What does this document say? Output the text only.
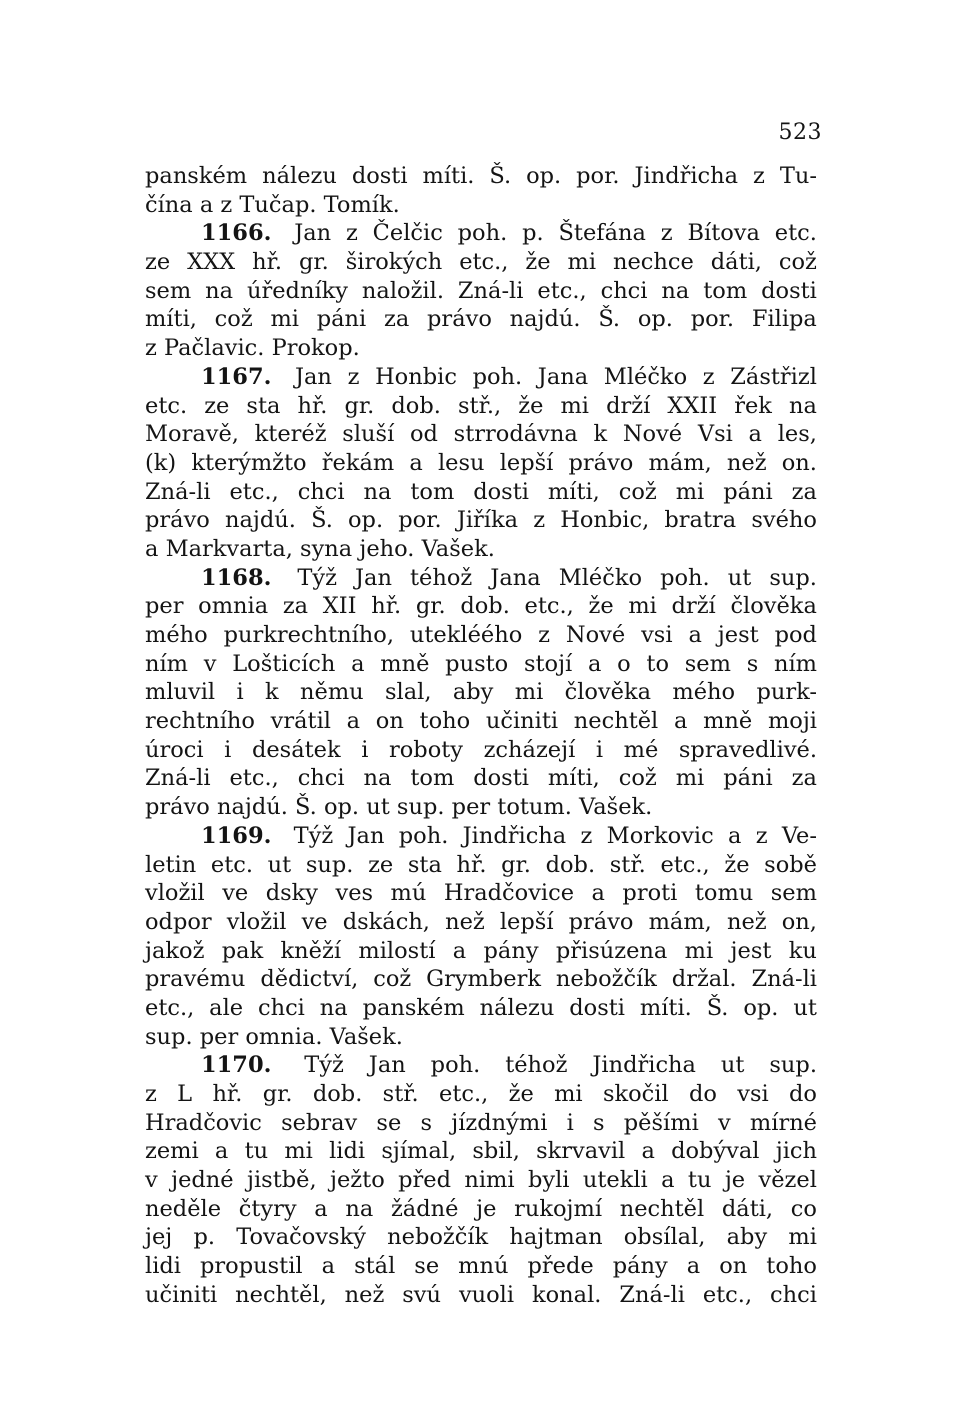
523
panském nálezu dosti míti. Š. op. por. Jindřicha z Tu-
čína a z Tučap. Tomík.
1166. Jan z Čelčic poh. p. Štefána z Bítova etc.
ze XXX hř. gr. širokých etc., že mi nechce dáti, což
sem na úředníky naložil. Zná-li etc., chci na tom dosti
míti, což mi páni za právo najdú. Š. op. por. Filipa
z Pačlavic. Prokop.
1167. Jan z Honbic poh. Jana Mléčko z Zástřizl
etc. ze sta hř. gr. dob. stř., že mi drží XXII řek na
Moravě, kteréž sluší od strrodávna k Nové Vsi a les,
(k) kterýmžto řekám a lesu lepší právo mám, než on.
Zná-li etc., chci na tom dosti míti, což mi páni za
právo najdú. Š. op. por. Jiříka z Honbic, bratra svého
a Markvarta, syna jeho. Vašek.
1168. Týž Jan téhož Jana Mléčko poh. ut sup.
per omnia za XII hř. gr. dob. etc., že mi drží člověka
mého purkrechtního, utekléého z Nové vsi a jest pod
ním v Lošticích a mně pusto stojí a o to sem s ním
mluvil i k němu slal, aby mi člověka mého purk-
rechtního vrátil a on toho učiniti nechtěl a mně moji
úroci i desátek i roboty zcházejí i mé spravedlivé.
Zná-li etc., chci na tom dosti míti, což mi páni za
právo najdú. Š. op. ut sup. per totum. Vašek.
1169. Týž Jan poh. Jindřicha z Morkovic a z Ve-
letin etc. ut sup. ze sta hř. gr. dob. stř. etc., že sobě
vložil ve dsky ves mú Hradčovice a proti tomu sem
odpor vložil ve dskách, než lepší právo mám, než on,
jakož pak kněží milostí a pány přisúzena mi jest ku
pravému dědictví, což Grymberk nebožčík držal. Zná-li
etc., ale chci na panském nálezu dosti míti. Š. op. ut
sup. per omnia. Vašek.
1170. Týž Jan poh. téhož Jindřicha ut sup.
z L hř. gr. dob. stř. etc., že mi skočil do vsi do
Hradčovic sebrav se s jízdnými i s pěšími v mírné
zemi a tu mi lidi sjímal, sbil, skrvavil a dobýval jich
v jedné jistbě, ježto před nimi byli utekli a tu je vězel
neděle čtyry a na žádné je rukojmí nechtěl dáti, co
jej p. Tovačovský nebožčík hajtman obsílal, aby mi
lidi propustil a stál se mnú přede pány a on toho
učiniti nechtěl, než svú vuoli konal. Zná-li etc., chci
